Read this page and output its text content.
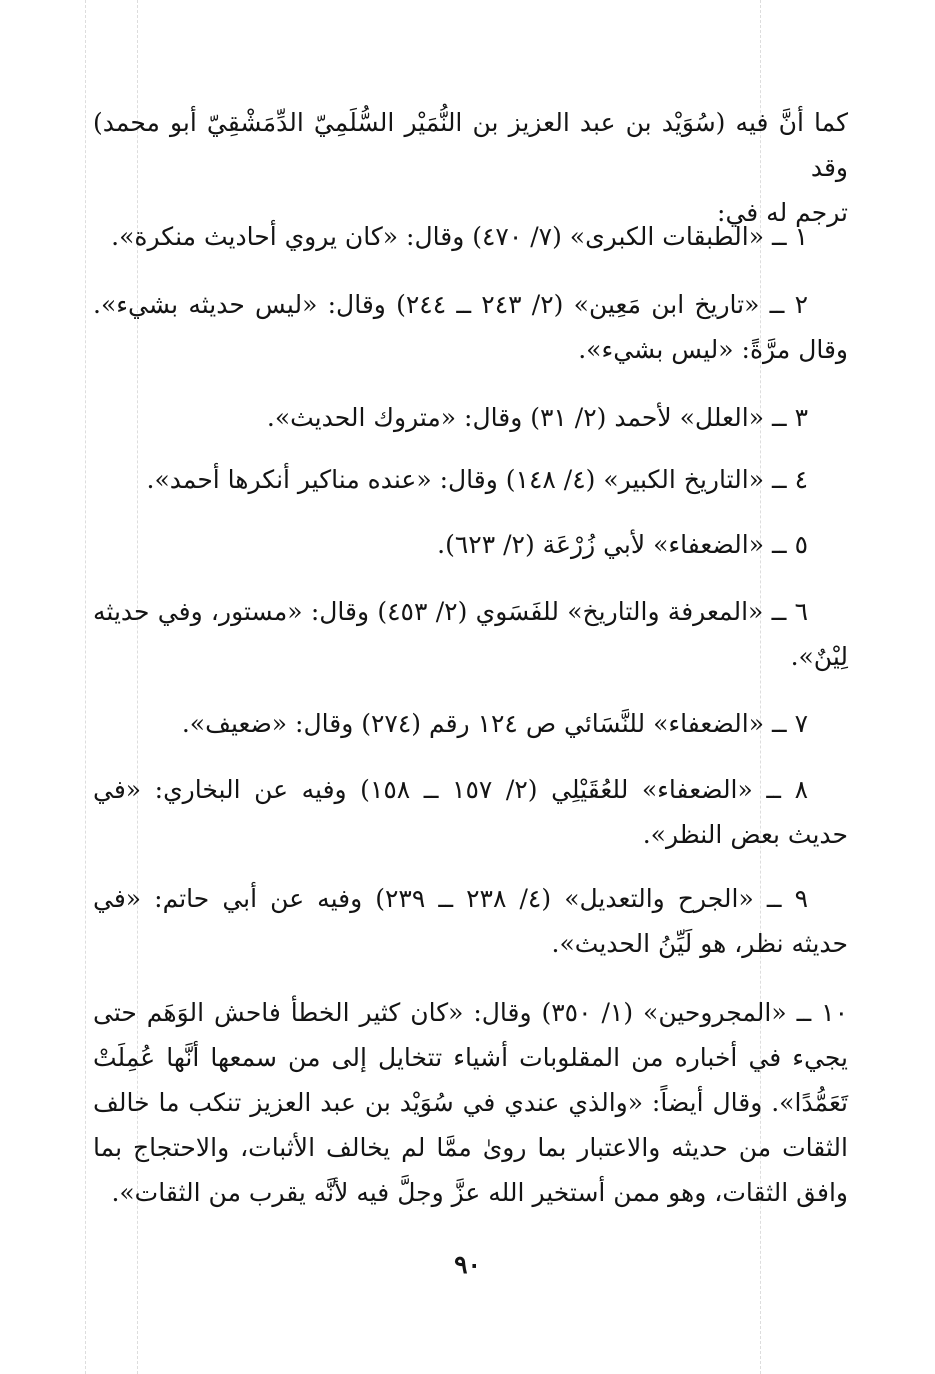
كما أنَّ فيه (سُوَيْد بن عبد العزيز بن النُّمَيْر السُّلَمِيّ الدِّمَشْقِيّ أبو محمد) وقد

ترجم له في:

١ ــ «الطبقات الكبرى» (٧/ ٤٧٠) وقال: «كان يروي أحاديث منكرة».

٢ ــ «تاريخ ابن مَعِين» (٢/ ٢٤٣ ــ ٢٤٤) وقال: «ليس حديثه بشيء». وقال مرَّةً: «ليس بشيء».

٣ ــ «العلل» لأحمد (٢/ ٣١) وقال: «متروك الحديث».

٤ ــ «التاريخ الكبير» (٤/ ١٤٨) وقال: «عنده مناكير أنكرها أحمد».

٥ ــ «الضعفاء» لأبي زُرْعَة (٢/ ٦٢٣).

٦ ــ «المعرفة والتاريخ» للفَسَوي (٢/ ٤٥٣) وقال: «مستور، وفي حديثه لِيْنٌ».

٧ ــ «الضعفاء» للنَّسَائي ص ١٢٤ رقم (٢٧٤) وقال: «ضعيف».

٨ ــ «الضعفاء» للعُقَيْلِي (٢/ ١٥٧ ــ ١٥٨) وفيه عن البخاري: «في حديث بعض النظر».

٩ ــ «الجرح والتعديل» (٤/ ٢٣٨ ــ ٢٣٩) وفيه عن أبي حاتم: «في حديثه نظر، هو لَيِّنُ الحديث».

١٠ ــ «المجروحين» (١/ ٣٥٠) وقال: «كان كثير الخطأ فاحش الوَهَم حتى يجيء في أخباره من المقلوبات أشياء تتخايل إلى من سمعها أنَّها عُمِلَتْ تَعَمُّدًا». وقال أيضاً: «والذي عندي في سُوَيْد بن عبد العزيز تنكب ما خالف الثقات من حديثه والاعتبار بما روىٰ ممَّا لم يخالف الأثبات، والاحتجاج بما وافق الثقات، وهو ممن أستخير الله عزَّ وجلَّ فيه لأنَّه يقرب من الثقات».

٩٠
